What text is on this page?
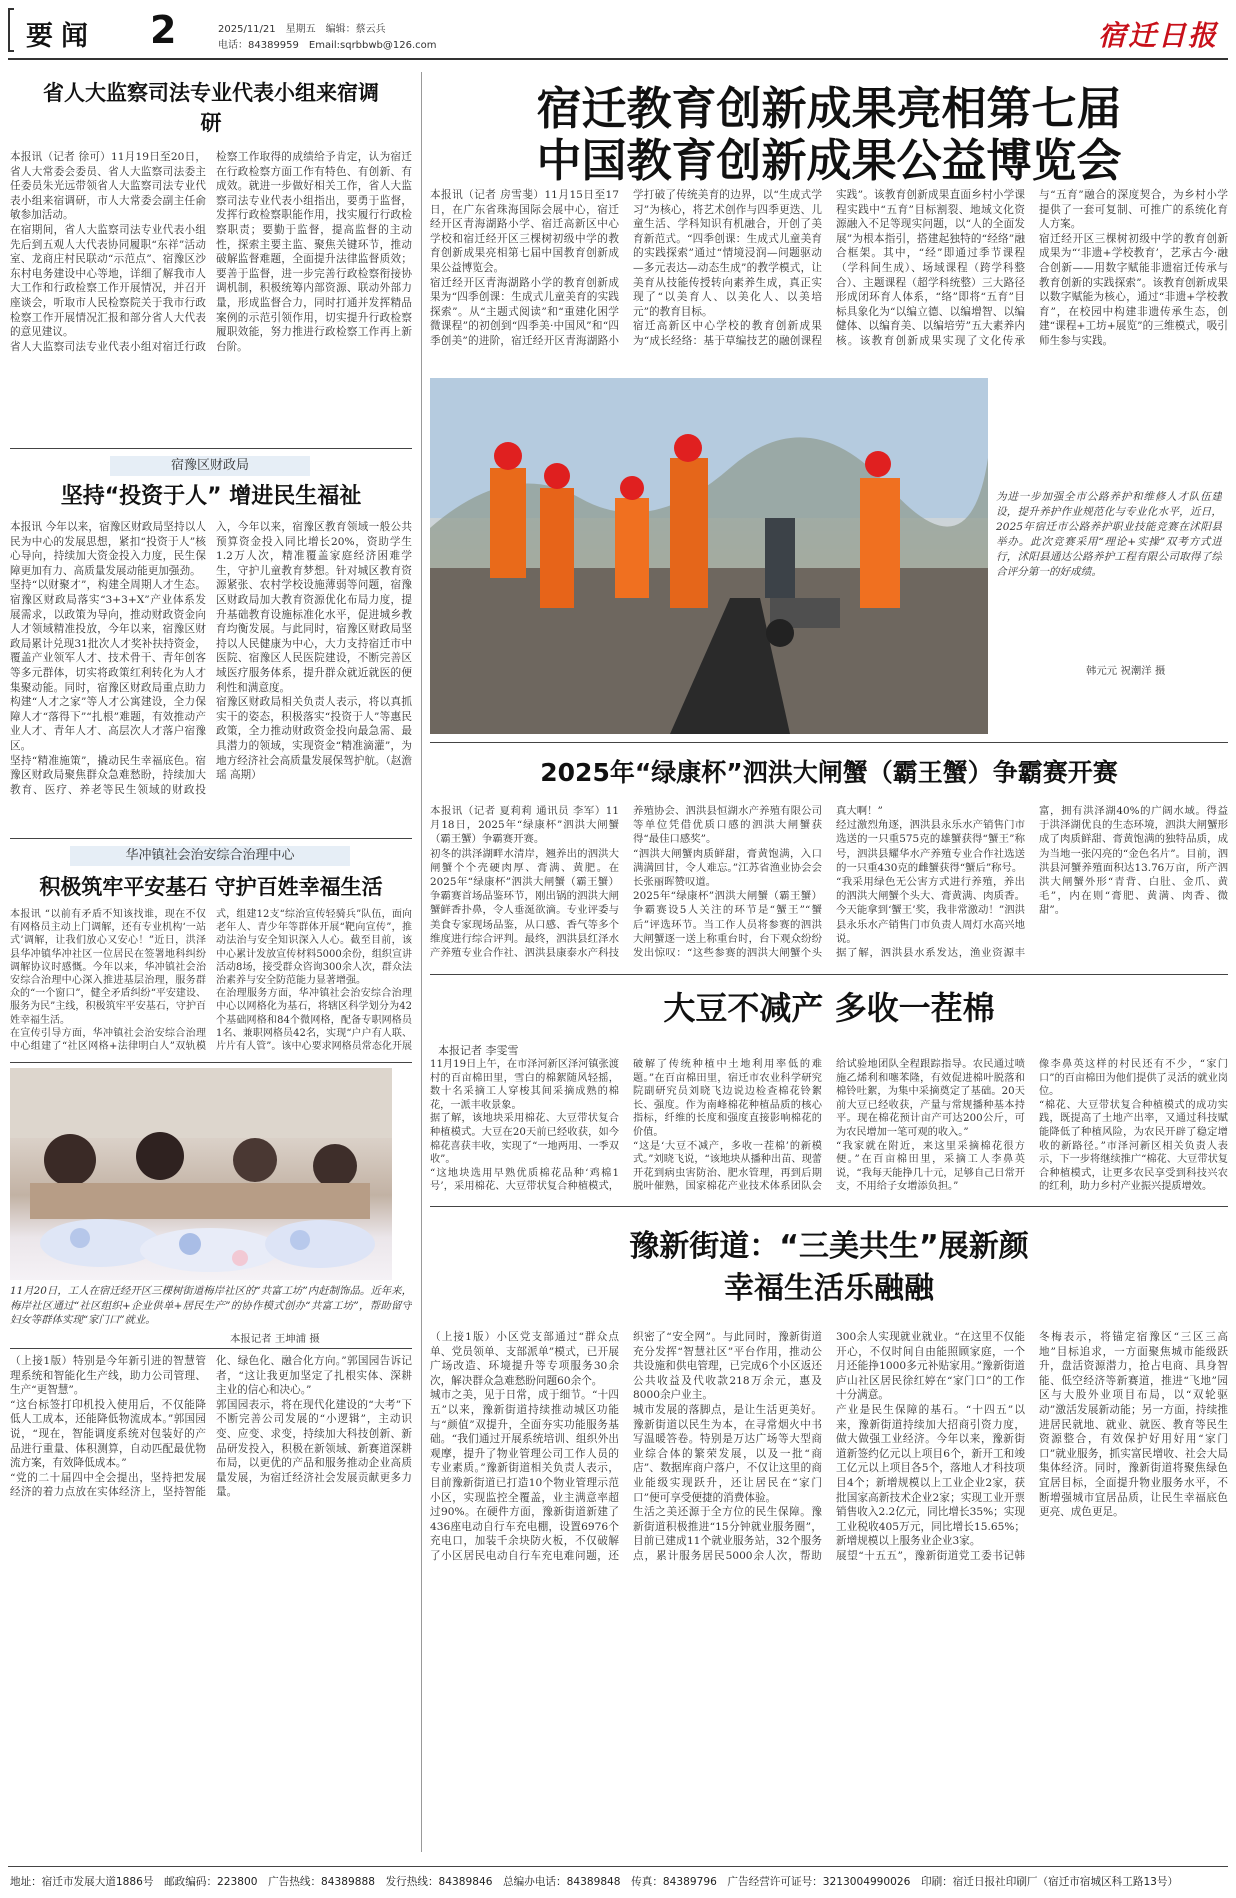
要闻 2	2025/11/21　星期五　编辑：蔡云兵
电话：84389959　Email:sqrbbwb@126.com	宿迁日报
省人大监察司法专业代表小组来宿调研
本报讯（记者 徐可）11月19日至20日，省人大常委会委员、省人大监察司法委主任委员朱光远带领省人大监察司法专业代表小组来宿调研，市人大常委会副主任俞敏参加活动。
在宿期间，省人大监察司法专业代表小组先后到五观人大代表协同履职“东祥”活动室、龙商庄村民联动“示范点”、宿豫区沙东村电务建设中心等地，详细了解我市人大工作和行政检察工作开展情况，并召开座谈会，听取市人民检察院关于我市行政检察工作开展情况汇报和部分省人大代表的意见建议。
省人大监察司法专业代表小组对宿迁行政检察工作取得的成绩给予肯定，认为宿迁在行政检察方面工作有特色、有创新、有成效。就进一步做好相关工作，省人大监察司法专业代表小组指出，要勇于监督，发挥行政检察职能作用，找实履行行政检察职责；要勤于监督，提高监督的主动性，探索主要主监、聚焦关键环节，推动破解监督难题，全面提升法律监督质效；要善于监督，进一步完善行政检察衔接协调机制，积极统筹内部资源、联动外部力量，形成监督合力，同时打通并发挥精品案例的示范引领作用，切实提升行政检察履职效能，努力推进行政检察工作再上新台阶。
宿豫区财政局
坚持“投资于人” 增进民生福祉
本报讯 今年以来，宿豫区财政局坚持以人民为中心的发展思想，紧扣“投资于人”核心导向，持续加大资金投入力度，民生保障更加有力、高质量发展动能更加强劲。
坚持“以财聚才”，构建全周期人才生态。宿豫区财政局落实“3+3+X”产业体系发展需求，以政策为导向，推动财政资金向人才领域精准投放，今年以来，宿豫区财政局累计兑现31批次人才奖补扶持资金，覆盖产业领军人才、技术骨干、青年创客等多元群体，切实将政策红利转化为人才集聚动能。同时，宿豫区财政局重点助力构建“人才之家”等人才公寓建设，全力保障人才“落得下”“扎根”难题，有效推动产业人才、青年人才、高层次人才落户宿豫区。
坚持“精准施策”，撬动民生幸福底色。宿豫区财政局聚焦群众急难愁盼，持续加大教育、医疗、养老等民生领域的财政投入，今年以来，宿豫区教育领域一般公共预算资金投入同比增长20%，资助学生1.2万人次，精准覆盖家庭经济困难学生，守护儿童教育梦想。针对城区教育资源紧张、农村学校设施薄弱等问题，宿豫区财政局加大教育资源优化布局力度，提升基础教育设施标准化水平，促进城乡教育均衡发展。与此同时，宿豫区财政局坚持以人民健康为中心，大力支持宿迁市中医院、宿豫区人民医院建设，不断完善区域医疗服务体系，提升群众就近就医的便利性和满意度。
宿豫区财政局相关负责人表示，将以真抓实干的姿态，积极落实“投资于人”等惠民政策，全力推动财政资金投向最急需、最具潜力的领域，实现资金“精准滴灌”，为地方经济社会高质量发展保驾护航。（赵澹瑶 高期）
华冲镇社会治安综合治理中心
积极筑牢平安基石 守护百姓幸福生活
本报讯 “以前有矛盾不知该找谁，现在不仅有网格员主动上门调解，还有专业机构‘一站式’调解，让我们放心又安心！”近日，洪泽县华冲镇华冲社区一位居民在签署地科纠纷调解协议时感慨。今年以来，华冲镇社会治安综合治理中心深入推进基层治理，服务群众的“一个窗口”，健全矛盾纠纷“平安建设、服务为民”主线，积极筑牢平安基石，守护百姓幸福生活。
在宣传引导方面，华冲镇社会治安综合治理中心组建了“社区网格+法律明白人”双轨模式，组建12支“综治宣传轻骑兵”队伍，面向老年人、青少年等群体开展“靶向宣传”，推动法治与安全知识深入人心。截至目前，该中心累计发放宣传材料5000余份，组织宣讲活动8场，接受群众咨询300余人次，群众法治素养与安全防范能力显著增强。
在治理服务方面，华冲镇社会治安综合治理中心以网格化为基石，将辖区科学划分为42个基础网格和84个微网格，配备专职网格员1名、兼职网格员42名，实现“户户有人联、片片有人管”。该中心要求网格员常态化开展

11月20日，工人在宿迁经开区三棵树街道梅岸社区的“共富工坊”内赶制饰品。近年来，梅岸社区通过“社区组织+企业供单+居民生产”的协作模式创办“共富工坊”，帮助留守妇女等群体实现“家门口”就业。
本报记者 王坤浦 摄
（上接1版）特别是今年新引进的智慧管理系统和智能化生产线，助力公司管理、生产“更智慧”。
“这台标签打印机投入使用后，不仅能降低人工成本，还能降低物流成本。”郭国园说，“现在，智能调度系统对包装好的产品进行重量、体积测算，自动匹配最优物流方案，有效降低成本。”
“党的二十届四中全会提出，坚持把发展经济的着力点放在实体经济上，坚持智能化、绿色化、融合化方向。”郭国园告诉记者，“这让我更加坚定了扎根实体、深耕主业的信心和决心。”
郭国园表示，将在现代化建设的“大考”下不断完善公司发展的“小逻辑”，主动识变、应变、求变，持续加大科技创新、新品研发投入，积极在新领域、新赛道深耕布局，以更优的产品和服务推动企业高质量发展，为宿迁经济社会发展贡献更多力量。
宿迁教育创新成果亮相第七届
中国教育创新成果公益博览会
本报讯（记者 房雪斐）11月15日至17日，在广东省珠海国际会展中心，宿迁经开区青海湖路小学、宿迁高新区中心学校和宿迁经开区三棵树初级中学的教育创新成果亮相第七届中国教育创新成果公益博览会。
宿迁经开区青海湖路小学的教育创新成果为“四季创课：生成式儿童美育的实践探索”。从“主题式阅读”和“重建化困学微课程”的初创到“四季美·中国风”和“四季创美”的进阶，宿迁经开区青海湖路小学打破了传统美育的边界，以“生成式学习”为核心，将艺术创作与四季更迭、儿童生活、学科知识有机融合，开创了美育新范式。“四季创课：生成式儿童美育的实践探索”通过“情境浸润—问题驱动—多元表达—动态生成”的教学模式，让美育从技能传授转向素养生成，真正实现了“以美育人、以美化人、以美培元”的教育目标。
宿迁高新区中心学校的教育创新成果为“成长经络：基于草编技艺的融创课程实践”。该教育创新成果直面乡村小学课程实践中“五育”目标割裂、地域文化资源融入不足等现实问题，以“人的全面发展”为根本指引，搭建起独特的“经络”融合框架。其中，“经”即通过季节课程（学科间生成）、场域课程（跨学科整合）、主题课程（超学科统整）三大路径形成闭环育人体系，“络”即将“五育”目标具象化为“以编立德、以编增智、以编健体、以编育美、以编培劳”五大素养内核。该教育创新成果实现了文化传承与“五育”融合的深度契合，为乡村小学提供了一套可复制、可推广的系统化育人方案。
宿迁经开区三棵树初级中学的教育创新成果为“‘非遗+学校教育’，艺承古今·融合创新——用数字赋能非遗宿迁传承与教育创新的实践探索”。该教育创新成果以数字赋能为核心，通过“非遗+学校教育”，在校园中构建非遗传承生态，创建“课程+工坊+展览”的三维模式，吸引师生参与实践。
为进一步加强全市公路养护和维修人才队伍建设，提升养护作业规范化与专业化水平，近日，2025年宿迁市公路养护职业技能竞赛在沭阳县举办。此次竞赛采用“理论+实操”双考方式进行，沭阳县通达公路养护工程有限公司取得了综合评分第一的好成绩。
韩元元 祝潮洋 摄
2025年“绿康杯”泗洪大闸蟹（霸王蟹）争霸赛开赛
本报讯（记者 夏莉莉 通讯员 李军）11月18日，2025年“绿康杯”泗洪大闸蟹（霸王蟹）争霸赛开赛。
初冬的洪泽湖畔水清岸，翘养出的泗洪大闸蟹个个壳硬肉厚、膏满、黄肥。在2025年“绿康杯”泗洪大闸蟹（霸王蟹）争霸赛首场品鉴环节，刚出锅的泗洪大闸蟹鲜香扑鼻，令人垂涎欲滴。专业评委与美食专家现场品鉴，从口感、香气等多个维度进行综合评判。最终，泗洪县红泽水产养殖专业合作社、泗洪县康泰水产科技养殖协会、泗洪县恒湖水产养殖有限公司等单位凭借优质口感的泗洪大闸蟹获得“最佳口感奖”。
“泗洪大闸蟹肉质鲜甜，膏黄饱满，入口满满回甘，令人难忘。”江苏省渔业协会会长张丽晖赞叹道。
2025年“绿康杯”泗洪大闸蟹（霸王蟹）争霸赛设5人关注的环节是“蟹王”“蟹后”评选环节。当工作人员将参赛的泗洪大闸蟹逐一送上称重台时，台下观众纷纷发出惊叹：“这些参赛的泗洪大闸蟹个头真大啊！”
经过激烈角逐，泗洪县永乐水产销售门市选送的一只重575克的雄蟹获得“蟹王”称号，泗洪县耀华水产养殖专业合作社选送的一只重430克的雌蟹获得“蟹后”称号。
“我采用绿色无公害方式进行养殖，养出的泗洪大闸蟹个头大、膏黄满、肉质香。今天能拿到‘蟹王’奖，我非常激动！”泗洪县永乐水产销售门市负责人周灯水高兴地说。
据了解，泗洪县水系发达，渔业资源丰富，拥有洪泽湖40%的广阔水域。得益于洪泽湖优良的生态环境，泗洪大闸蟹形成了肉质鲜甜、膏黄饱满的独特品质，成为当地一张闪亮的“金色名片”。目前，泗洪县河蟹养殖面积达13.76万亩，所产泗洪大闸蟹外形“青背、白肚、金爪、黄毛”，内在则“膏肥、黄满、肉香、微甜”。
大豆不减产 多收一茬棉
本报记者 李雯雪
11月19日上午，在市泽河新区泽河镇张渡村的百亩棉田里，雪白的棉絮随风轻摇，数十名采摘工人穿梭其间采摘成熟的棉花，一派丰收景象。
据了解，该地块采用棉花、大豆带状复合种植模式。大豆在20天前已经收获，如今棉花喜获丰收，实现了“一地两用、一季双收”。
“这地块选用早熟优质棉花品种‘鸡棉1号’，采用棉花、大豆带状复合种植模式，破解了传统种植中土地利用率低的难题。”在百亩棉田里，宿迁市农业科学研究院副研究员刘晓飞边说边检查棉花铃絮长、强度。作为南峰棉花种植品质的核心指标，纤维的长度和强度直接影响棉花的价值。
“这是‘大豆不减产，多收一茬棉’的新模式。”刘晓飞说，“该地块从播种出苗、现蕾开花到病虫害防治、肥水管理，再到后期脱叶催熟，国家棉花产业技术体系团队会给试验地团队全程跟踪指导。农民通过喷施乙烯利和噻苯隆，有效促进棉叶脱落和棉铃吐絮，为集中采摘奠定了基础。20天前大豆已经收获，产量与常规播种基本持平。现在棉花预计亩产可达200公斤，可为农民增加一笔可观的收入。”
“我家就在附近，来这里采摘棉花很方便。”在百亩棉田里，采摘工人李鼻英说，“我每天能挣几十元，足够自己日常开支，不用给子女增添负担。”
像李鼻英这样的村民还有不少，“家门口”的百亩棉田为他们提供了灵活的就业岗位。
“棉花、大豆带状复合种植模式的成功实践，既提高了土地产出率，又通过科技赋能降低了种植风险，为农民开辟了稳定增收的新路径。”市泽河新区相关负责人表示，下一步将继续推广“棉花、大豆带状复合种植模式，让更多农民享受到科技兴农的红利，助力乡村产业振兴提质增效。
豫新街道：“三美共生”展新颜
幸福生活乐融融
（上接1版）小区党支部通过“群众点单、党员领单、支部派单”模式，已开展广场改造、环境提升等专项服务30余次，解决群众急难愁盼问题60余个。
城市之美，见于日常，成于细节。“十四五”以来，豫新街道持续推动城区功能与“颜值”双提升，全面夯实功能服务基础。“我们通过开展系统培训、组织外出观摩，提升了物业管理公司工作人员的专业素质。”豫新街道相关负责人表示，目前豫新街道已打造10个物业管理示范小区，实现监控全覆盖，业主满意率超过90%。在硬件方面，豫新街道新建了436座电动自行车充电棚，设置6976个充电口，加装千余块防火板，不仅破解了小区居民电动自行车充电难问题，还织密了“安全网”。与此同时，豫新街道充分发挥“智慧社区”平台作用，推动公共设施和供电管理，已完成6个小区返还公共收益及代收款218万余元，惠及8000余户业主。
城市发展的落脚点，是让生活更美好。豫新街道以民生为本，在寻常烟火中书写温暖答卷。特别是万达广场等大型商业综合体的繁荣发展，以及一批“商店”、数据库商户落户，不仅让这里的商业能级实现跃升，还让居民在“家门口”便可享受便捷的消费体验。
生活之美还源于全方位的民生保障。豫新街道积极推进“15分钟就业服务圈”，目前已建成11个就业服务站，32个服务点，累计服务居民5000余人次，帮助300余人实现就业就业。“在这里不仅能开心，不仅时间自由能照顾家庭，一个月还能挣1000多元补贴家用。”豫新街道庐山社区居民徐红婷在“家门口”的工作十分满意。
产业是民生保障的基石。“十四五”以来，豫新街道持续加大招商引资力度，做大做强工业经济。今年以来，豫新街道新签约亿元以上项目6个，新开工和竣工亿元以上项目各5个，落地人才科技项目4个；新增规模以上工业企业2家，获批国家高新技术企业2家；实现工业开票销售收入2.2亿元，同比增长35%；实现工业税收405万元，同比增长15.65%；新增规模以上服务业企业3家。
展望“十五五”，豫新街道党工委书记韩冬梅表示，将锚定宿豫区“三区三高地”目标追求，一方面聚焦城市能级跃升，盘活资源潜力，抢占电商、具身智能、低空经济等新赛道，推进“飞地”园区与大股外业项目布局，以“双轮驱动”激活发展新动能；另一方面，持续推进居民就地、就业、就医、教育等民生资源整合，有效保护好用好用“家门口”就业服务，抓实富民增收、社会大局集体经济。同时，豫新街道将聚焦绿色宜居目标，全面提升物业服务水平，不断增强城市宜居品质，让民生幸福底色更亮、成色更足。
地址：宿迁市发展大道1886号　邮政编码：223800　广告热线：84389888　发行热线：84389846　总编办电话：84389848　传真：84389796　广告经营许可证号：3213004990026　印刷：宿迁日报社印刷厂（宿迁市宿城区科工路13号）
